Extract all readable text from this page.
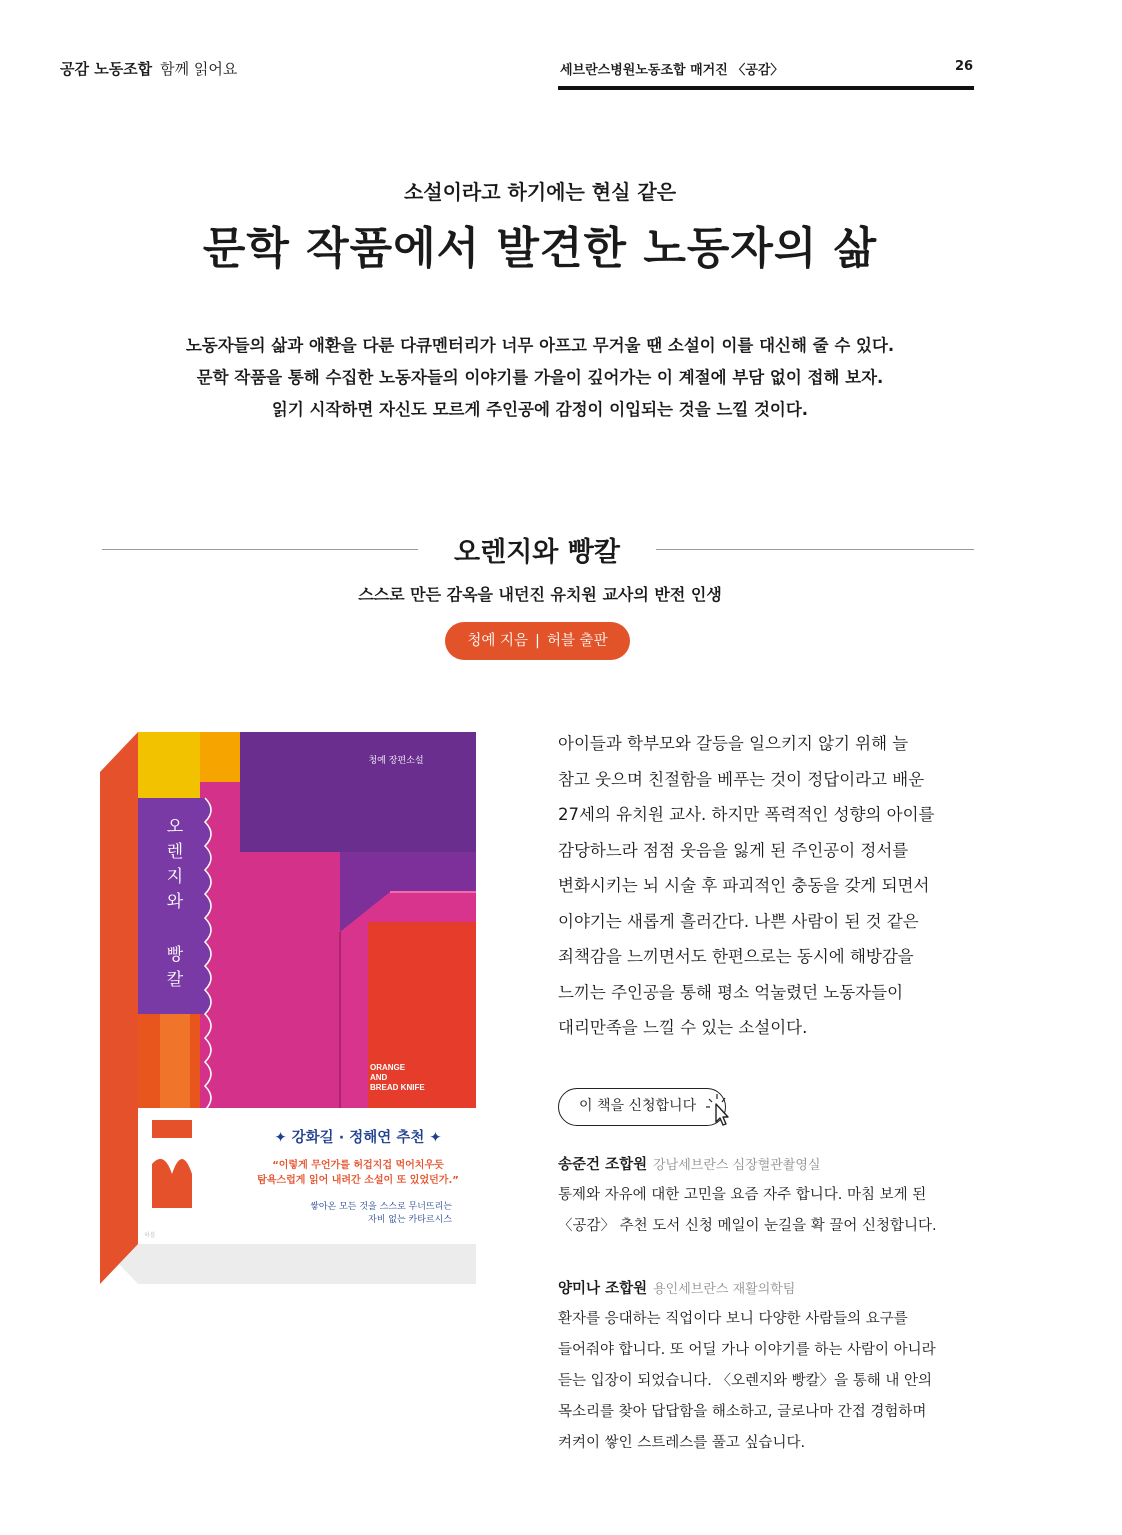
공감 노동조합 함께 읽어요	세브란스병원노동조합 매거진 〈공감〉	26
소설이라고 하기에는 현실 같은
문학 작품에서 발견한 노동자의 삶
노동자들의 삶과 애환을 다룬 다큐멘터리가 너무 아프고 무거울 땐 소설이 이를 대신해 줄 수 있다.
문학 작품을 통해 수집한 노동자들의 이야기를 가을이 깊어가는 이 계절에 부담 없이 접해 보자.
읽기 시작하면 자신도 모르게 주인공에 감정이 이입되는 것을 느낄 것이다.
오렌지와 빵칼
스스로 만든 감옥을 내던진 유치원 교사의 반전 인생
청예 지음 | 허블 출판
청예 장편소설
오
렌
지
와
빵
칼
ORANGE
AND
BREAD KNIFE
✦ 강화길 · 정해연 추천 ✦
“이렇게 무언가를 허겁지겁 먹어치우듯
탐욕스럽게 읽어 내려간 소설이 또 있었던가.”
쌓아온 모든 것을 스스로 무너뜨리는
자비 없는 카타르시스
허블
아이들과 학부모와 갈등을 일으키지 않기 위해 늘
참고 웃으며 친절함을 베푸는 것이 정답이라고 배운
27세의 유치원 교사. 하지만 폭력적인 성향의 아이를
감당하느라 점점 웃음을 잃게 된 주인공이 정서를
변화시키는 뇌 시술 후 파괴적인 충동을 갖게 되면서
이야기는 새롭게 흘러간다. 나쁜 사람이 된 것 같은
죄책감을 느끼면서도 한편으로는 동시에 해방감을
느끼는 주인공을 통해 평소 억눌렸던 노동자들이
대리만족을 느낄 수 있는 소설이다.
이 책을 신청합니다
송준건 조합원 강남세브란스 심장혈관촬영실
통제와 자유에 대한 고민을 요즘 자주 합니다. 마침 보게 된
〈공감〉 추천 도서 신청 메일이 눈길을 확 끌어 신청합니다.
양미나 조합원 용인세브란스 재활의학팀
환자를 응대하는 직업이다 보니 다양한 사람들의 요구를
들어줘야 합니다. 또 어딜 가나 이야기를 하는 사람이 아니라
듣는 입장이 되었습니다. 〈오렌지와 빵칼〉을 통해 내 안의
목소리를 찾아 답답함을 해소하고, 글로나마 간접 경험하며
켜켜이 쌓인 스트레스를 풀고 싶습니다.
